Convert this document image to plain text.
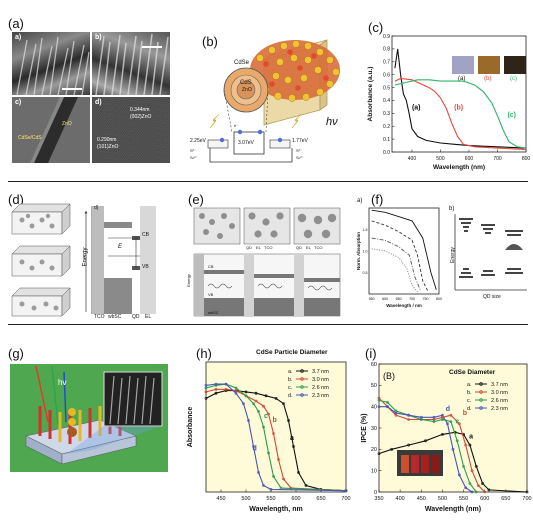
(a)
a)	b)
c)
CdSe/CdS
ZnO
d)
0.344nm
0.290nm
(002)ZnO
(101)ZnO
(b)
CdSe
CdS
ZnO
hν
3.07eV
2.25eV	1.77eV
S²⁻
Sₙ²⁻
S²⁻
Sₙ²⁻
e⁻
(c)
400	500	600	700	800
0.0
0.1
0.2
0.3
0.4
0.5
0.6
0.7
0.8
0.9
Wavelength (nm)
Absorbance (a.u.)	(a)	(b)
(c)
(a)	(b)	(c)
(d)
d)
Energy
wbSC QD EL
TCO
CB
VB
E
(e)
QD EL TCO	QD EL TCO
CB
VB
wbSC
Energy
(f)
Wavelength / nm
Norm. Absorption
550 600 650 700 750 800
0.5
1.0
1.5
a)
b)
Energy
QD size
(g)
hv
(h)
450	500	550	600	650	700
Wavelength, nm
Absorbance	a
b
c
d
a.	3.7 nm
b.	3.0 nm
c.	2.6 nm
d.	2.3 nm
CdSe Particle Diameter	(i)
350 400 450 500 550 600 650 700
0
10
20
30
40
50
60
Wavelength (nm)
IPCE (%)	a
b
c
d
a.	3.7 nm
b.	3.0 nm
c.	2.6 nm
d.	2.3 nm
(B)	CdSe Diameter
